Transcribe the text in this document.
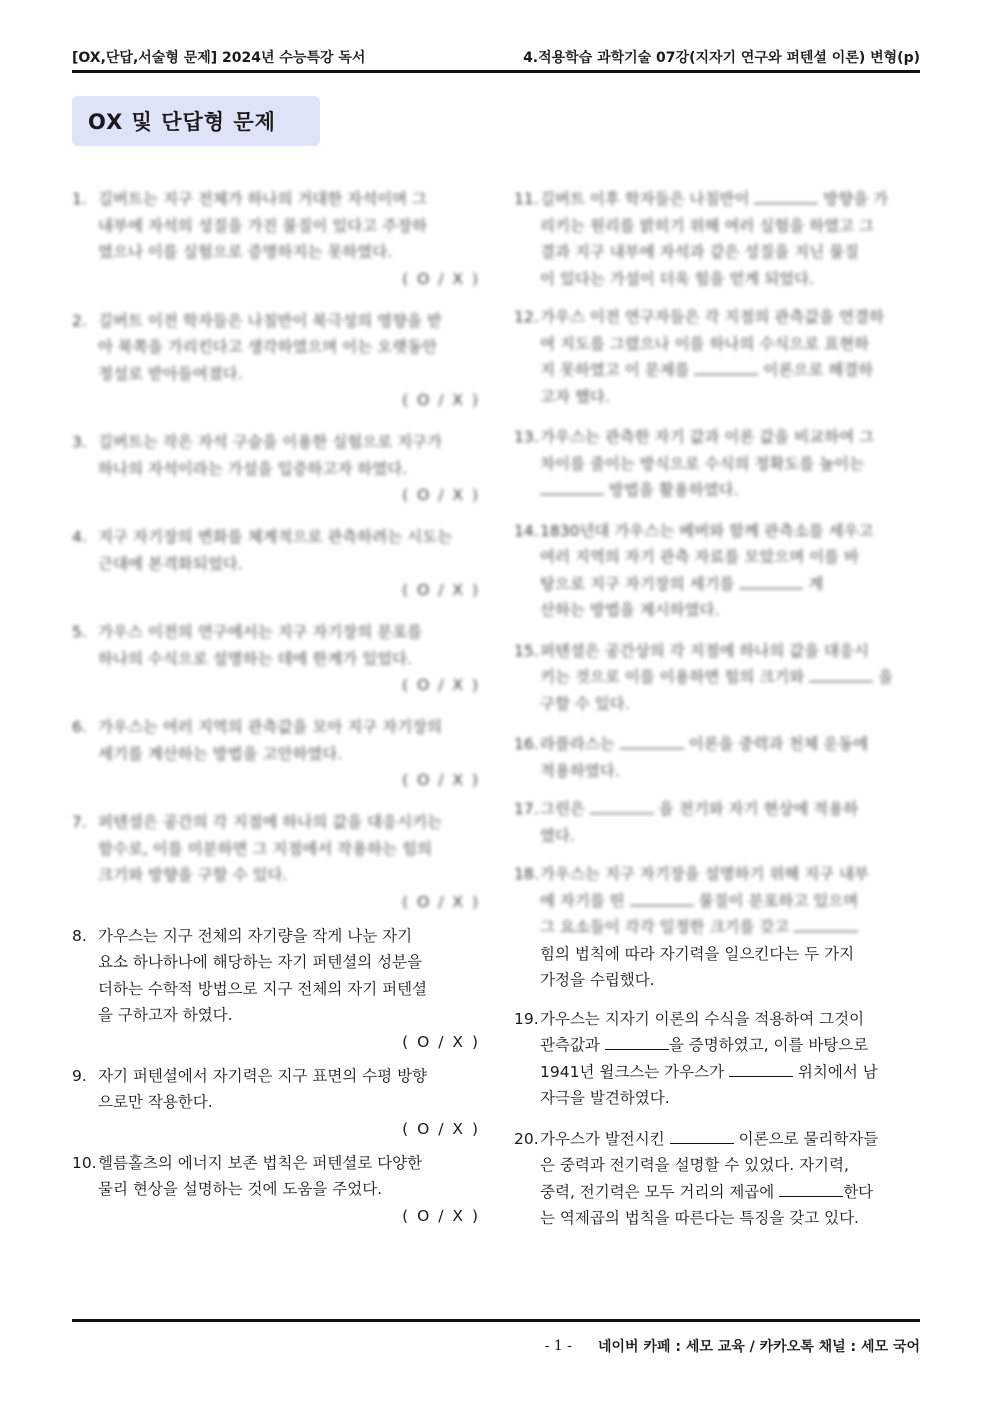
[OX,단답,서술형 문제] 2024년 수능특강 독서	4.적용학습 과학기술 07강(지자기 연구와 퍼텐셜 이론) 변형(p)
OX 및 단답형 문제
1. 길버트는 지구 전체가 하나의 거대한 자석이며 그
내부에 자석의 성질을 가진 물질이 있다고 주장하
였으나 이를 실험으로 증명하지는 못하였다.
( O / X )
2. 길버트 이전 학자들은 나침반이 북극성의 영향을 받
아 북쪽을 가리킨다고 생각하였으며 이는 오랫동안
정설로 받아들여졌다.
( O / X )
3. 길버트는 작은 자석 구슬을 이용한 실험으로 지구가
하나의 자석이라는 가설을 입증하고자 하였다.
( O / X )
4. 지구 자기장의 변화를 체계적으로 관측하려는 시도는
근대에 본격화되었다.
( O / X )
5. 가우스 이전의 연구에서는 지구 자기장의 분포를
하나의 수식으로 설명하는 데에 한계가 있었다.
( O / X )
6. 가우스는 여러 지역의 관측값을 모아 지구 자기장의
세기를 계산하는 방법을 고안하였다.
( O / X )
7. 퍼텐셜은 공간의 각 지점에 하나의 값을 대응시키는
함수로, 이를 미분하면 그 지점에서 작용하는 힘의
크기와 방향을 구할 수 있다.
( O / X )
8. 가우스는 지구 전체의 자기량을 작게 나눈 자기
요소 하나하나에 해당하는 자기 퍼텐셜의 성분을
더하는 수학적 방법으로 지구 전체의 자기 퍼텐셜
을 구하고자 하였다.
( O / X )
9. 자기 퍼텐셜에서 자기력은 지구 표면의 수평 방향
으로만 작용한다.
( O / X )
10. 헬름홀츠의 에너지 보존 법칙은 퍼텐셜로 다양한
물리 현상을 설명하는 것에 도움을 주었다.
( O / X )
11. 길버트 이후 학자들은 나침반이	방향을 가
리키는 원리를 밝히기 위해 여러 실험을 하였고 그
결과 지구 내부에 자석과 같은 성질을 지닌 물질
이 있다는 가설이 더욱 힘을 얻게 되었다.
12. 가우스 이전 연구자들은 각 지점의 관측값을 연결하
여 지도를 그렸으나 이를 하나의 수식으로 표현하
지 못하였고 이 문제를	이론으로 해결하
고자 했다.
13. 가우스는 관측한 자기 값과 이론 값을 비교하여 그
차이를 줄이는 방식으로 수식의 정확도를 높이는
방법을 활용하였다.
14. 1830년대 가우스는 베버와 함께 관측소를 세우고
여러 지역의 자기 관측 자료를 모았으며 이를 바
탕으로 지구 자기장의 세기를	계
산하는 방법을 제시하였다.
15. 퍼텐셜은 공간상의 각 지점에 하나의 값을 대응시
키는 것으로 이를 이용하면 힘의 크기와	을
구할 수 있다.
16. 라플라스는	이론을 중력과 천체 운동에
적용하였다.
17. 그린은	을 전기와 자기 현상에 적용하
였다.
18. 가우스는 지구 자기장을 설명하기 위해 지구 내부
에 자기를 띤	물질이 분포하고 있으며
그 요소들이 각각 일정한 크기를 갖고
힘의 법칙에 따라 자기력을 일으킨다는 두 가지
가정을 수립했다.
19. 가우스는 지자기 이론의 수식을 적용하여 그것이
관측값과	을 증명하였고, 이를 바탕으로
1941년 윌크스는 가우스가	위치에서 남
자극을 발견하였다.
20. 가우스가 발전시킨	이론으로 물리학자들
은 중력과 전기력을 설명할 수 있었다. 자기력,
중력, 전기력은 모두 거리의 제곱에	한다
는 역제곱의 법칙을 따른다는 특징을 갖고 있다.
- 1 - 네이버 카페 : 세모 교육 / 카카오톡 채널 : 세모 국어
